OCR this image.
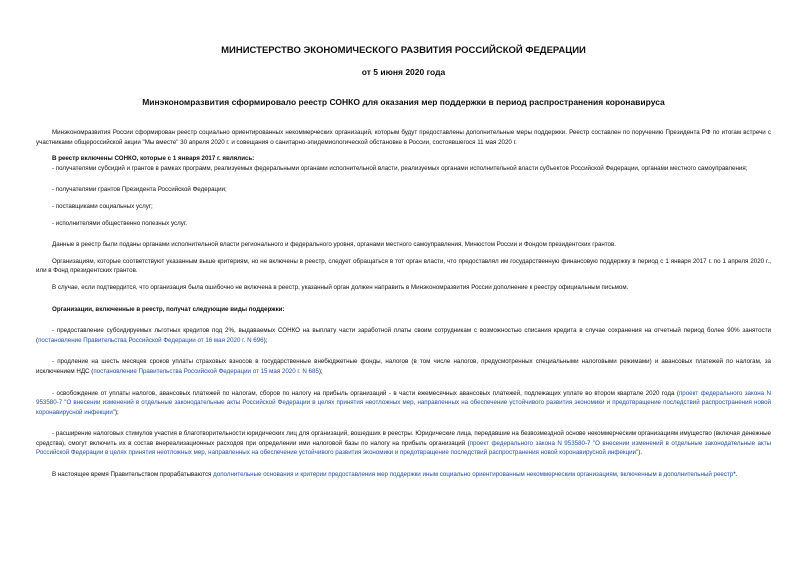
МИНИСТЕРСТВО ЭКОНОМИЧЕСКОГО РАЗВИТИЯ РОССИЙСКОЙ ФЕДЕРАЦИИ
от 5 июня 2020 года
Минэкономразвития сформировало реестр СОНКО для оказания мер поддержки в период распространения коронавируса

Минэкономразвития России сформирован реестр социально ориентированных некоммерческих организаций, которым будут предоставлены дополнительные меры поддержки. Реестр составлен по поручению Президента РФ по итогам встречи с участниками общероссийской акции "Мы вместе" 30 апреля 2020 г. и совещания о санитарно-эпидемиологической обстановке в России, состоявшегося 11 мая 2020 г.

В реестр включены СОНКО, которые с 1 января 2017 г. являлись:

- получателями субсидий и грантов в рамках программ, реализуемых федеральными органами исполнительной власти, реализуемых органами исполнительной власти субъектов Российской Федерации, органами местного самоуправления;

- получателями грантов Президента Российской Федерации;

- поставщиками социальных услуг;

- исполнителями общественно полезных услуг.

Данные в реестр были поданы органами исполнительной власти регионального и федерального уровня, органами местного самоуправления, Минюстом России и Фондом президентских грантов.

Организациям, которые соответствуют указанным выше критериям, но не включены в реестр, следует обращаться в тот орган власти, что предоставлял им государственную финансовую поддержку в период с 1 января 2017 г. по 1 апреля 2020 г., или в Фонд президентских грантов.

В случае, если подтвердится, что организация была ошибочно не включена в реестр, указанный орган должен направить в Минэкономразвития России дополнение к реестру официальным письмом.

Организации, включенные в реестр, получат следующие виды поддержки:

- предоставление субсидируемых льготных кредитов под 2%, выдаваемых СОНКО на выплату части заработной платы своим сотрудникам с возможностью списания кредита в случае сохранения на отчетный период более 90% занятости (постановление Правительства Российской Федерации от 16 мая 2020 г. N 696);

- продление на шесть месяцев сроков уплаты страховых взносов в государственные внебюджетные фонды, налогов (в том числе налогов, предусмотренных специальными налоговыми режимами) и авансовых платежей по налогам, за исключением НДС (постановление Правительства Российской Федерации от 15 мая 2020 г. N 685);

- освобождение от уплаты налогов, авансовых платежей по налогам, сборов по налогу на прибыль организаций - в части ежемесячных авансовых платежей, подлежащих уплате во втором квартале 2020 года (проект федерального закона N 953580-7 "О внесении изменений в отдельные законодательные акты Российской Федерации в целях принятия неотложных мер, направленных на обеспечение устойчивого развития экономики и предотвращение последствий распространения новой коронавирусной инфекции");

- расширение налоговых стимулов участия в благотворительности юридических лиц для организаций, вошедших в реестры. Юридические лица, передавшие на безвозмездной основе некоммерческим организациям имущество (включая денежные средства), смогут включить их в состав внереализационных расходов при определении ими налоговой базы по налогу на прибыль организаций (проект федерального закона N 953580-7 "О внесении изменений в отдельные законодательные акты Российской Федерации в целях принятия неотложных мер, направленных на обеспечение устойчивого развития экономики и предотвращение последствий распространения новой коронавирусной инфекции").

В настоящее время Правительством прорабатываются дополнительные основания и критерии предоставления мер поддержки иным социально ориентированным некоммерческим организациям, включенным в дополнительный реестр*.
